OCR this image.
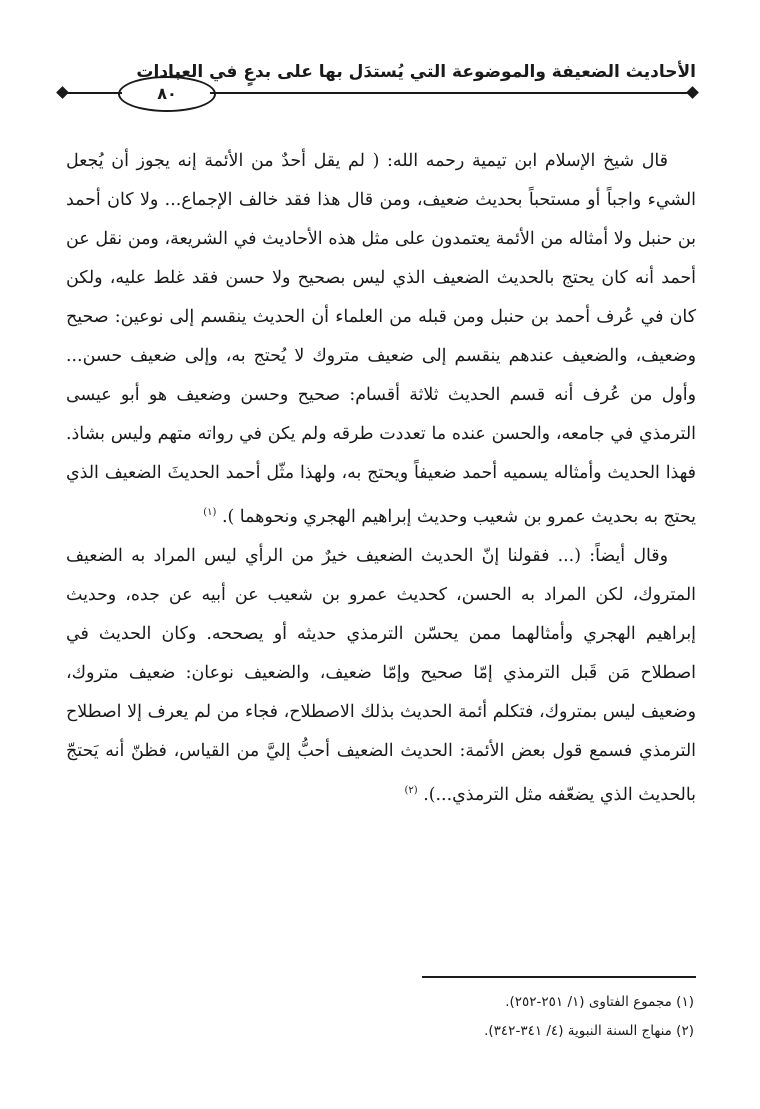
الأحاديث الضعيفة والموضوعة التي يُستدَل بها على بدعٍ في العبادات
٨٠

قال شيخ الإسلام ابن تيمية رحمه الله: ( لم يقل أحدٌ من الأئمة إنه يجوز أن يُجعل الشيء واجباً أو مستحباً بحديث ضعيف، ومن قال هذا فقد خالف الإجماع... ولا كان أحمد بن حنبل ولا أمثاله من الأئمة يعتمدون على مثل هذه الأحاديث في الشريعة، ومن نقل عن أحمد أنه كان يحتج بالحديث الضعيف الذي ليس بصحيح ولا حسن فقد غلط عليه، ولكن كان في عُرف أحمد بن حنبل ومن قبله من العلماء أن الحديث ينقسم إلى نوعين: صحيح وضعيف، والضعيف عندهم ينقسم إلى ضعيف متروك لا يُحتج به، وإلى ضعيف حسن... وأول من عُرف أنه قسم الحديث ثلاثة أقسام: صحيح وحسن وضعيف هو أبو عيسى الترمذي في جامعه، والحسن عنده ما تعددت طرقه ولم يكن في رواته متهم وليس بشاذ. فهذا الحديث وأمثاله يسميه أحمد ضعيفاً ويحتج به، ولهذا مثّل أحمد الحديثَ الضعيف الذي يحتج به بحديث عمرو بن شعيب وحديث إبراهيم الهجري ونحوهما ). $^{(١)}$

وقال أيضاً: (... فقولنا إنّ الحديث الضعيف خيرٌ من الرأي ليس المراد به الضعيف المتروك، لكن المراد به الحسن، كحديث عمرو بن شعيب عن أبيه عن جده، وحديث إبراهيم الهجري وأمثالهما ممن يحسّن الترمذي حديثه أو يصححه. وكان الحديث في اصطلاح مَن قَبل الترمذي إمّا صحيح وإمّا ضعيف، والضعيف نوعان: ضعيف متروك، وضعيف ليس بمتروك، فتكلم أئمة الحديث بذلك الاصطلاح، فجاء من لم يعرف إلا اصطلاح الترمذي فسمع قول بعض الأئمة: الحديث الضعيف أحبُّ إليَّ من القياس، فظنّ أنه يَحتجّ بالحديث الذي يضعّفه مثل الترمذي...). $^{(٢)}$

(١) مجموع الفتاوى (١/ ٢٥١-٢٥٢).
(٢) منهاج السنة النبوية (٤/ ٣٤١-٣٤٢).
